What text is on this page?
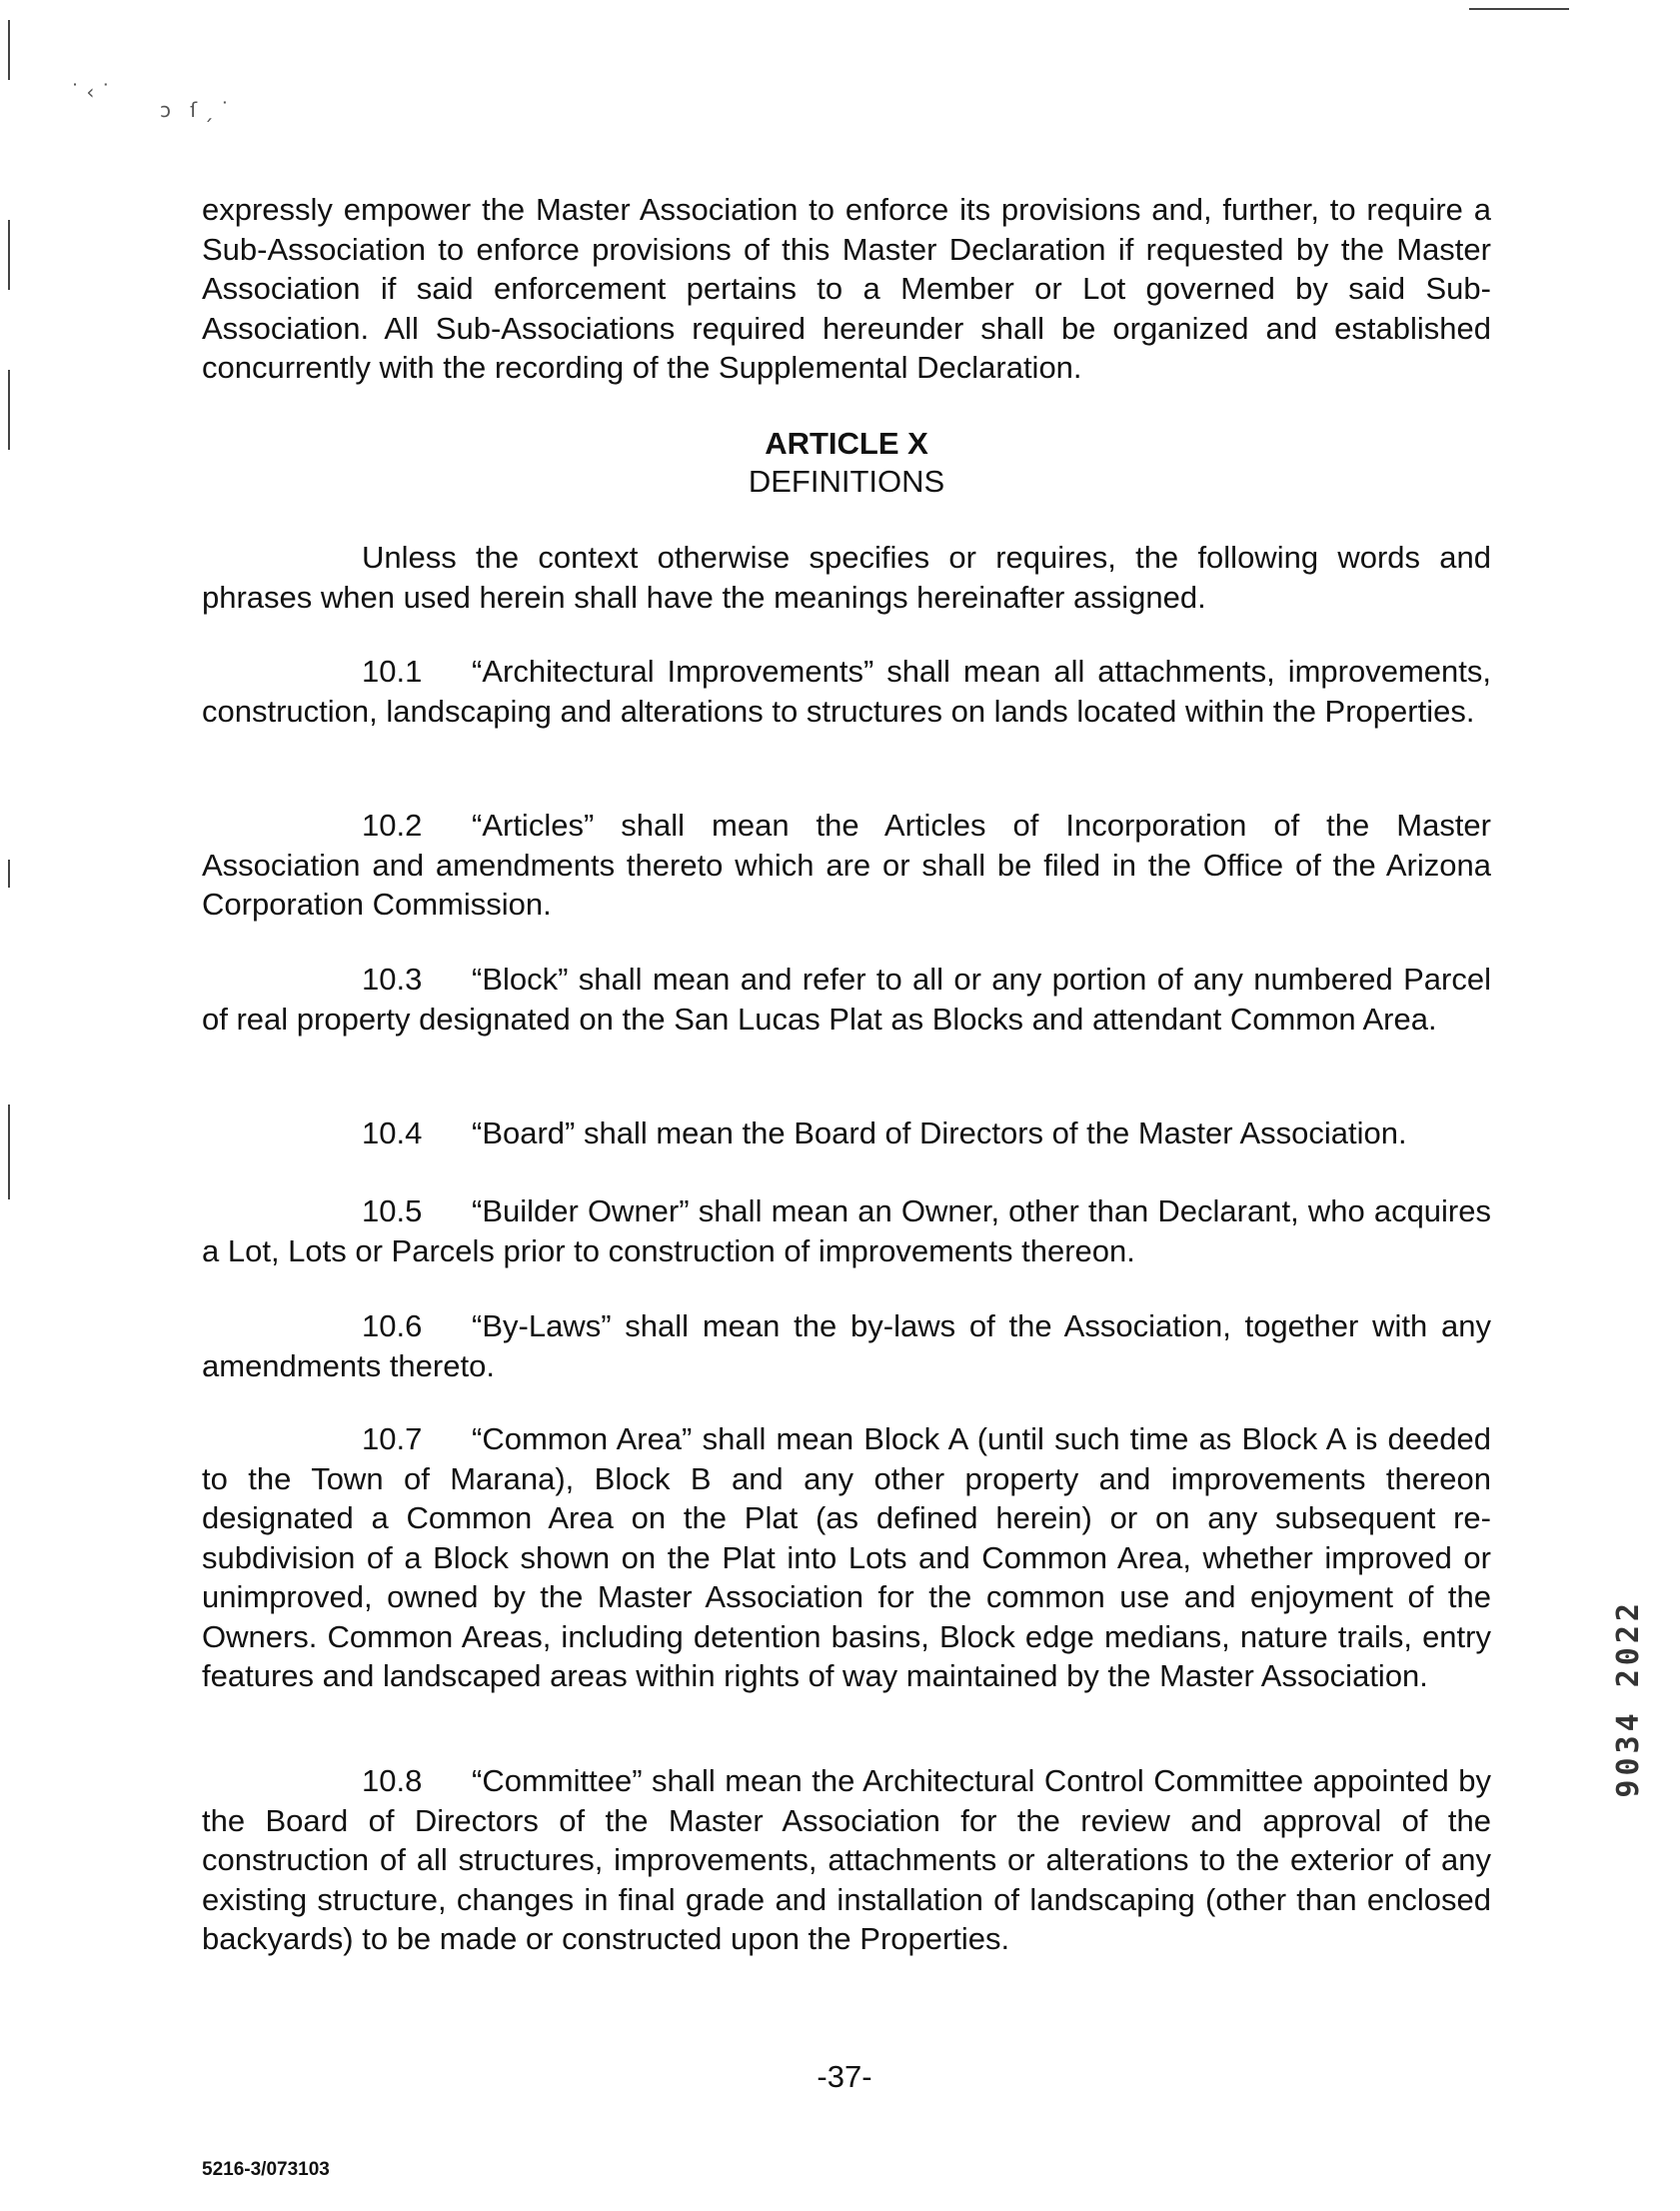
˙ ‹ ˙
ɔ   ſ ˏ ˙

expressly empower the Master Association to enforce its provisions and, further, to require a Sub-Association to enforce provisions of this Master Declaration if requested by the Master Association if said enforcement pertains to a Member or Lot governed by said Sub-Association. All Sub-Associations required hereunder shall be organized and established concurrently with the recording of the Supplemental Declaration.

ARTICLE X
DEFINITIONS

Unless the context otherwise specifies or requires, the following words and phrases when used herein shall have the meanings hereinafter assigned.

10.1 “Architectural Improvements” shall mean all attachments, improvements, construction, landscaping and alterations to structures on lands located within the Properties.

10.2 “Articles” shall mean the Articles of Incorporation of the Master Association and amendments thereto which are or shall be filed in the Office of the Arizona Corporation Commission.

10.3 “Block” shall mean and refer to all or any portion of any numbered Parcel of real property designated on the San Lucas Plat as Blocks and attendant Common Area.

10.4 “Board” shall mean the Board of Directors of the Master Association.

10.5 “Builder Owner” shall mean an Owner, other than Declarant, who acquires a Lot, Lots or Parcels prior to construction of improvements thereon.

10.6 “By-Laws” shall mean the by-laws of the Association, together with any amendments thereto.

10.7 “Common Area” shall mean Block A (until such time as Block A is deeded to the Town of Marana), Block B and any other property and improvements thereon designated a Common Area on the Plat (as defined herein) or on any subsequent re-subdivision of a Block shown on the Plat into Lots and Common Area, whether improved or unimproved, owned by the Master Association for the common use and enjoyment of the Owners. Common Areas, including detention basins, Block edge medians, nature trails, entry features and landscaped areas within rights of way maintained by the Master Association.

10.8 “Committee” shall mean the Architectural Control Committee appointed by the Board of Directors of the Master Association for the review and approval of the construction of all structures, improvements, attachments or alterations to the exterior of any existing structure, changes in final grade and installation of landscaping (other than enclosed backyards) to be made or constructed upon the Properties.

-37-
5216-3/073103
9034 2022
